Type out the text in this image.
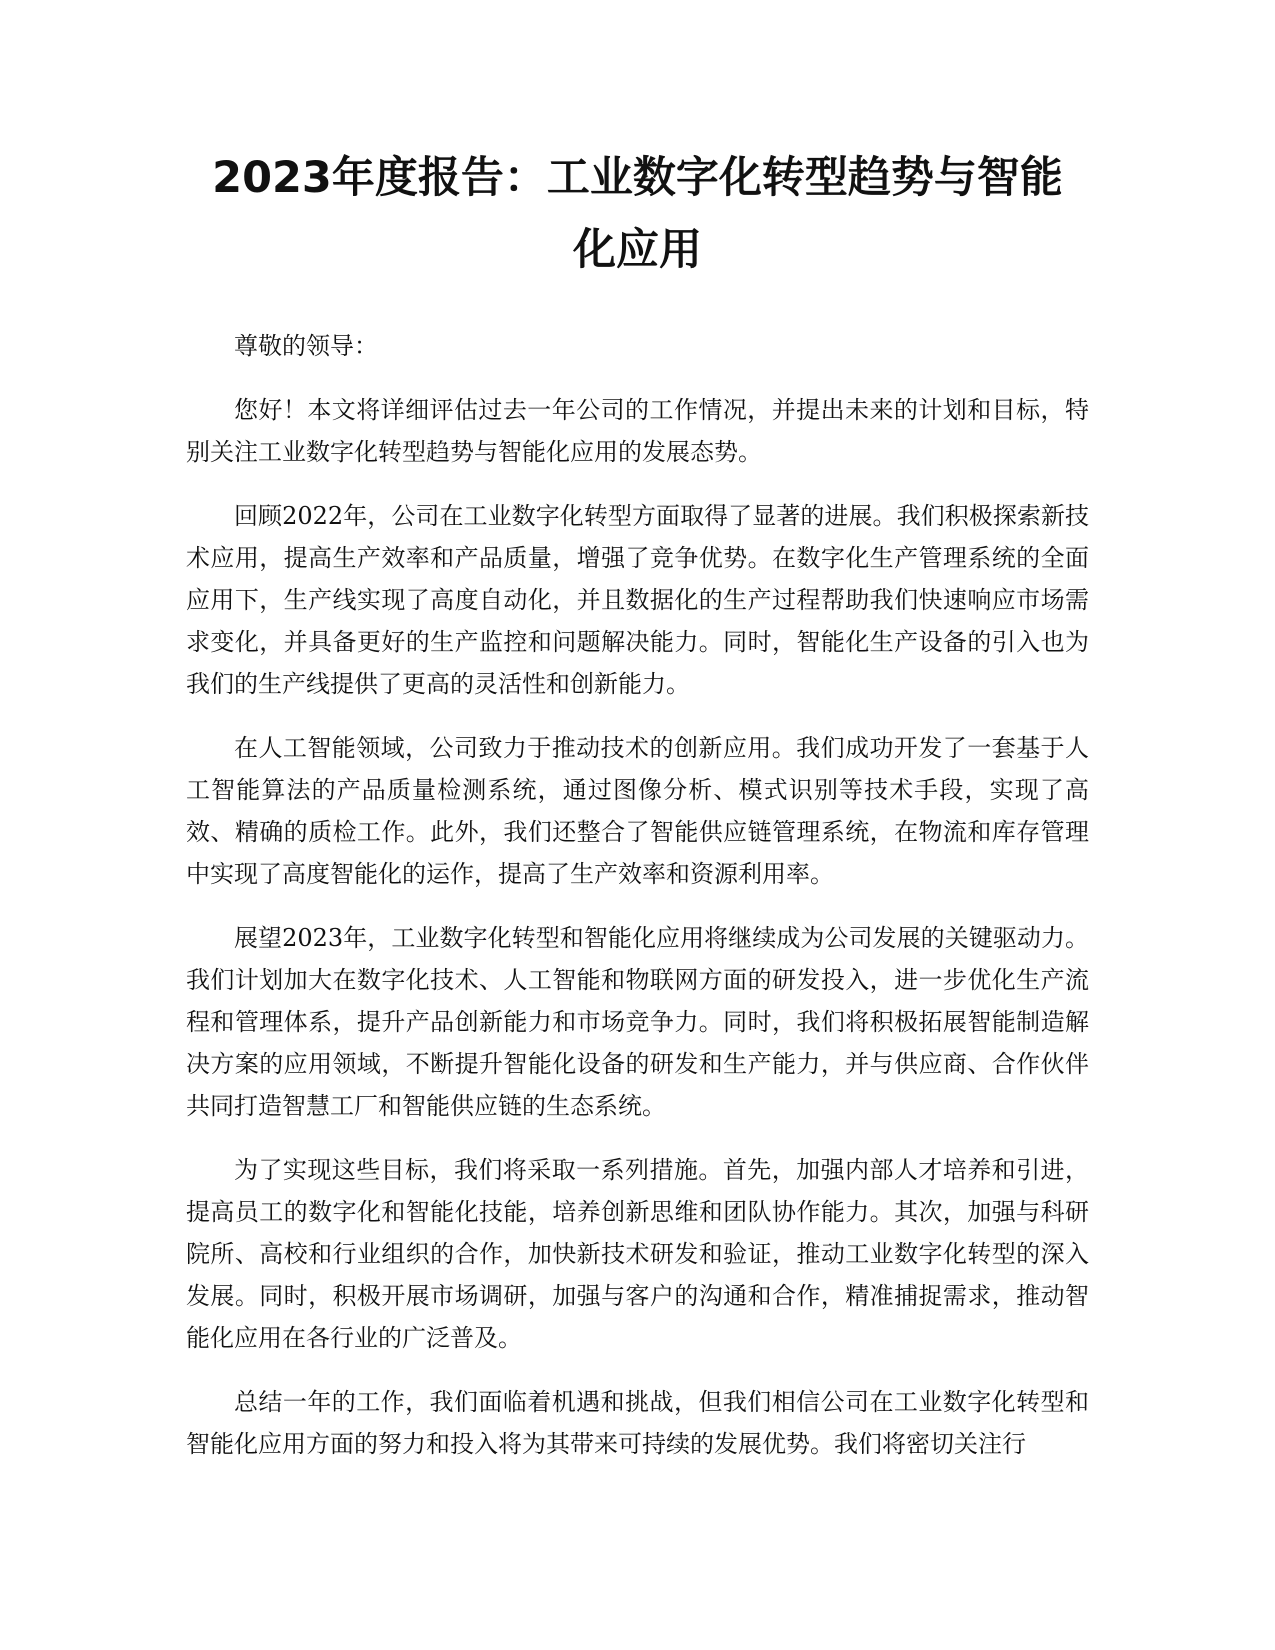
2023年度报告：工业数字化转型趋势与智能
化应用

尊敬的领导：

您好！本文将详细评估过去一年公司的工作情况，并提出未来的计划和目标，特别关注工业数字化转型趋势与智能化应用的发展态势。

回顾2022年，公司在工业数字化转型方面取得了显著的进展。我们积极探索新技术应用，提高生产效率和产品质量，增强了竞争优势。在数字化生产管理系统的全面应用下，生产线实现了高度自动化，并且数据化的生产过程帮助我们快速响应市场需求变化，并具备更好的生产监控和问题解决能力。同时，智能化生产设备的引入也为我们的生产线提供了更高的灵活性和创新能力。

在人工智能领域，公司致力于推动技术的创新应用。我们成功开发了一套基于人工智能算法的产品质量检测系统，通过图像分析、模式识别等技术手段，实现了高效、精确的质检工作。此外，我们还整合了智能供应链管理系统，在物流和库存管理中实现了高度智能化的运作，提高了生产效率和资源利用率。

展望2023年，工业数字化转型和智能化应用将继续成为公司发展的关键驱动力。我们计划加大在数字化技术、人工智能和物联网方面的研发投入，进一步优化生产流程和管理体系，提升产品创新能力和市场竞争力。同时，我们将积极拓展智能制造解决方案的应用领域，不断提升智能化设备的研发和生产能力，并与供应商、合作伙伴共同打造智慧工厂和智能供应链的生态系统。

为了实现这些目标，我们将采取一系列措施。首先，加强内部人才培养和引进，提高员工的数字化和智能化技能，培养创新思维和团队协作能力。其次，加强与科研院所、高校和行业组织的合作，加快新技术研发和验证，推动工业数字化转型的深入发展。同时，积极开展市场调研，加强与客户的沟通和合作，精准捕捉需求，推动智能化应用在各行业的广泛普及。

总结一年的工作，我们面临着机遇和挑战，但我们相信公司在工业数字化转型和智能化应用方面的努力和投入将为其带来可持续的发展优势。我们将密切关注行
